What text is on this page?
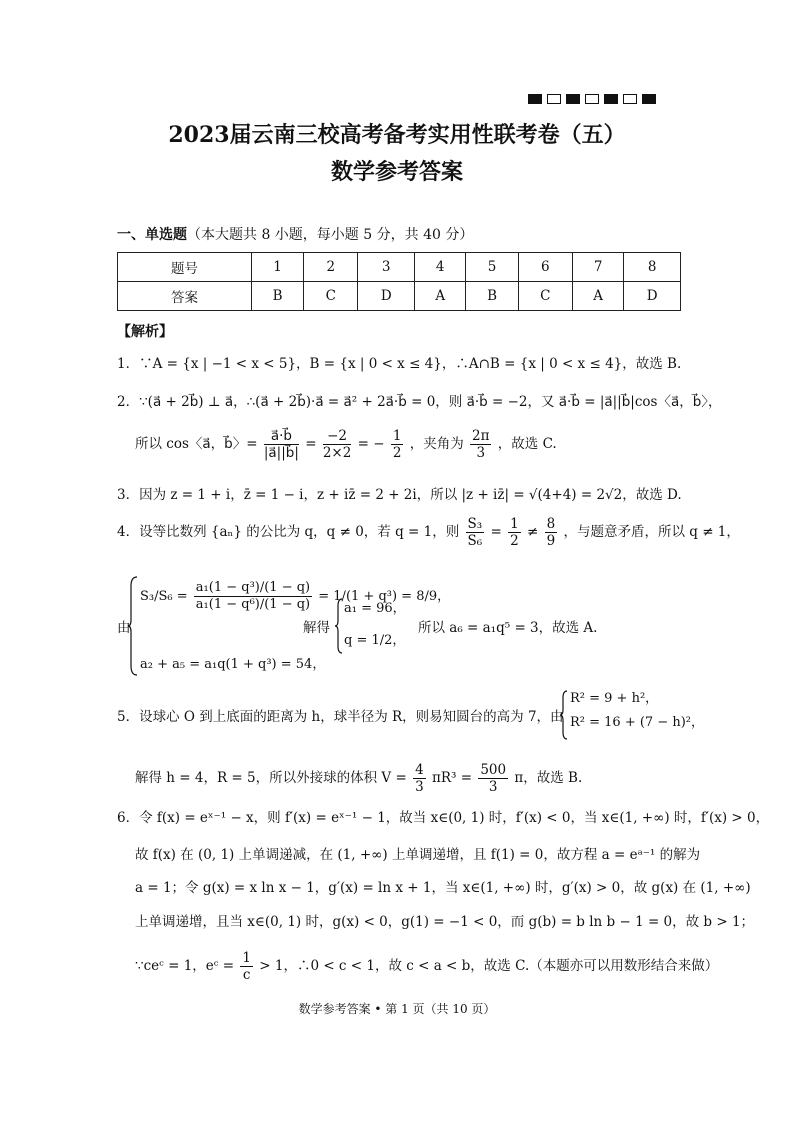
2023届云南三校高考备考实用性联考卷（五）
数学参考答案
一、单选题（本大题共 8 小题，每小题 5 分，共 40 分）
题号	1	2	3	4	5	6	7	8
答案	B	C	D	A	B	C	A	D
【解析】
1．∵A = {x | −1 < x < 5}，B = {x | 0 < x ≤ 4}，∴A∩B = {x | 0 < x ≤ 4}，故选 B.
2．∵(a⃗ + 2b⃗) ⊥ a⃗，∴(a⃗ + 2b⃗)·a⃗ = a⃗² + 2a⃗·b⃗ = 0，则 a⃗·b⃗ = −2，又 a⃗·b⃗ = |a⃗||b⃗|cos〈a⃗，b⃗〉，
所以 cos〈a⃗，b⃗〉= $\frac{a⃗\cdot b⃗}{|a⃗||b⃗|} = \frac{-2}{2\times 2}$ = − $\frac{1}{2}$ ，夹角为 $\frac{2\pi}{3}$ ，故选 C.
3．因为 z = 1 + i，z̄ = 1 − i，z + iz̄ = 2 + 2i，所以 |z + iz̄| = √(4+4) = 2√2，故选 D.
4．设等比数列 {aₙ} 的公比为 q，q ≠ 0，若 q = 1，则 $\frac{\text{S₃}}{\text{S₆}} = \frac{1}{2} \ne \frac{8}{9}$ ，与题意矛盾，所以 q ≠ 1，
由
$S_3/S_6 = \frac{\text{a₁(1 − q³)/(1 − q)}}{\text{a₁(1 − q⁶)/(1 − q)}} = 1/(1 + q^3) = 8/9$，
a₂ + a₅ = a₁q(1 + q³) = 54，
解得
a₁ = 96，
q = 1/2，
所以 a₆ = a₁q⁵ = 3，故选 A.
5．设球心 O 到上底面的距离为 h，球半径为 R，则易知圆台的高为 7，由
R² = 9 + h²，
R² = 16 + (7 − h)²，
解得 h = 4，R = 5，所以外接球的体积 $V = \frac{4}{3} \pi R^3 = \frac{500}{3}$ π，故选 B.
6．令 f(x) = eˣ⁻¹ − x，则 f′(x) = eˣ⁻¹ − 1，故当 x∈(0, 1) 时，f′(x) < 0，当 x∈(1, +∞) 时，f′(x) > 0，
故 f(x) 在 (0, 1) 上单调递减，在 (1, +∞) 上单调递增，且 f(1) = 0，故方程 a = eᵃ⁻¹ 的解为
a = 1；令 g(x) = x ln x − 1，g′(x) = ln x + 1，当 x∈(1, +∞) 时，g′(x) > 0，故 g(x) 在 (1, +∞)
上单调递增，且当 x∈(0, 1) 时，g(x) < 0，g(1) = −1 < 0，而 g(b) = b ln b − 1 = 0，故 b > 1；
∵ceᶜ = 1，eᶜ = $\frac{1}{c} > 1$，∴0 < c < 1，故 c < a < b，故选 C.（本题亦可以用数形结合来做）
数学参考答案 • 第 1 页（共 10 页）
